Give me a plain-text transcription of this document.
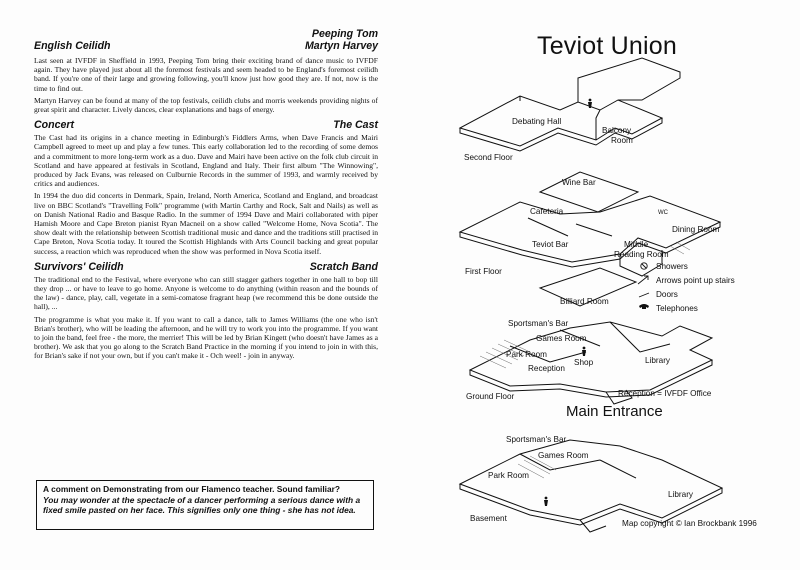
English Ceilidh
Peeping Tom
Martyn Harvey

Last seen at IVFDF in Sheffield in 1993, Peeping Tom bring their exciting brand of dance music to IVFDF again. They have played just about all the foremost festivals and seem headed to be England's foremost ceilidh band. If you're one of their large and growing following, you'll know just how good they are. If not, now is the time to find out.

Martyn Harvey can be found at many of the top festivals, ceilidh clubs and morris weekends providing nights of great spirit and character. Lively dances, clear explanations and bags of energy.

Concert	The Cast

The Cast had its origins in a chance meeting in Edinburgh's Fiddlers Arms, when Dave Francis and Mairi Campbell agreed to meet up and play a few tunes. This early collaboration led to the recording of some demos and a commitment to more long-term work as a duo. Dave and Mairi have been active on the folk club circuit in Scotland and have appeared at festivals in Scotland, England and Italy. Their first album "The Winnowing", produced by Jack Evans, was released on Culburnie Records in the summer of 1993, and warmly received by critics and audiences.

In 1994 the duo did concerts in Denmark, Spain, Ireland, North America, Scotland and England, and broadcast live on BBC Scotland's "Travelling Folk" programme (with Martin Carthy and Rock, Salt and Nails) as well as on Danish National Radio and Basque Radio. In the summer of 1994 Dave and Mairi collaborated with piper Hamish Moore and Cape Breton pianist Ryan Macneil on a show called "Welcome Home, Nova Scotia". The show dealt with the relationship between Scottish traditional music and dance and the traditions still practised in Cape Breton, Nova Scotia today. It toured the Scottish Highlands with Arts Council backing and great popular success, a reaction which was reproduced when the show was performed in Nova Scotia itself.

Survivors' Ceilidh	Scratch Band

The traditional end to the Festival, where everyone who can still stagger gathers together in one hall to bop till they drop ... or have to leave to go home. Anyone is welcome to do anything (within reason and the bounds of the law) - dance, play, call, vegetate in a semi-comatose fragrant heap (we recommend this be done outside the hall), ...

The programme is what you make it. If you want to call a dance, talk to James Williams (the one who isn't Brian's brother), who will be leading the afternoon, and he will try to work you into the programme. If you want to join the band, feel free - the more, the merrier! This will be led by Brian Kingett (who doesn't have James as a brother). We ask that you go along to the Scratch Band Practice in the morning if you intend to join in with this, for Brian's sake if not your own, but if you can't make it - Och weel! - join in anyway.

A comment on Demonstrating from our Flamenco teacher. Sound familiar?
You may wonder at the spectacle of a dancer performing a serious dance with a fixed smile pasted on her face. This signifies only one thing - she has not idea.
Teviot Union
Debating Hall
Balcony
Room
Second Floor
Wine Bar
Cafeteria	WC
Dining Room
Teviot Bar	Middle
Reading Room
First Floor
Billiard Room
Sportsman's Bar
Games Room
Park Room
Shop
Reception
Library
Ground Floor	Reception = IVFDF Office
Main Entrance
Sportsman's Bar
Games Room
Park Room
Library
Basement
Map copyright © Ian Brockbank 1996
Showers
Arrows point up stairs
Doors
Telephones
